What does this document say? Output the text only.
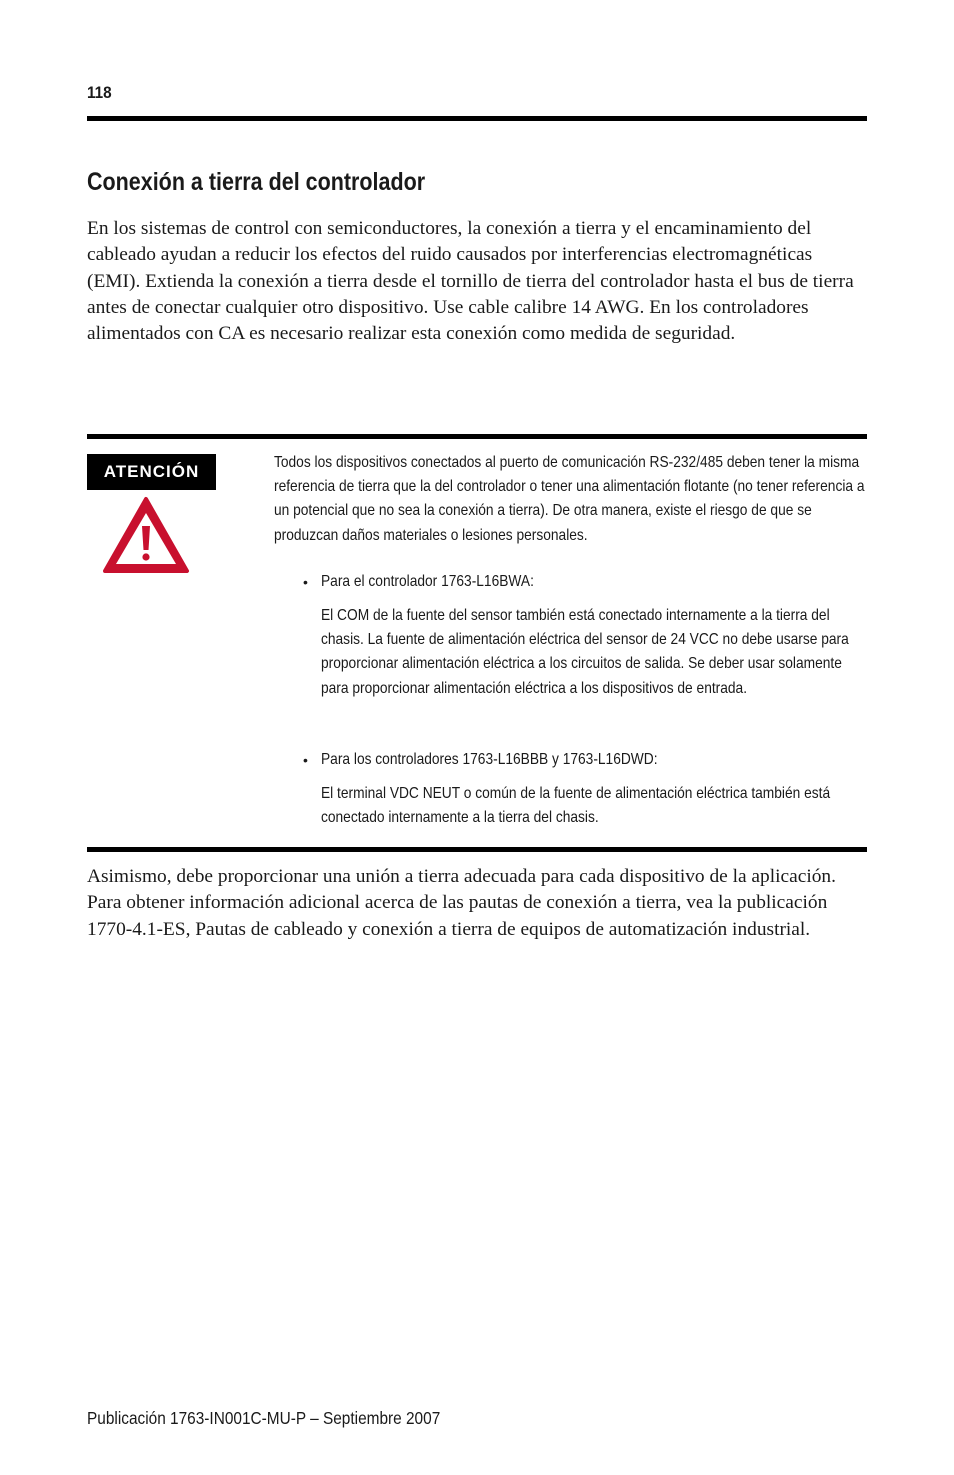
118
Conexión a tierra del controlador

En los sistemas de control con semiconductores, la conexión a tierra y el encaminamiento del cableado ayudan a reducir los efectos del ruido causados por interferencias electromagnéticas (EMI). Extienda la conexión a tierra desde el tornillo de tierra del controlador hasta el bus de tierra antes de conectar cualquier otro dispositivo. Use cable calibre 14 AWG. En los controladores alimentados con CA es necesario realizar esta conexión como medida de seguridad.

ATENCIÓN	Todos los dispositivos conectados al puerto de comunicación RS-232/485 deben tener la misma referencia de tierra que la del controlador o tener una alimentación flotante (no tener referencia a un potencial que no sea la conexión a tierra). De otra manera, existe el riesgo de que se produzcan daños materiales o lesiones personales.

• Para el controlador 1763-L16BWA:

El COM de la fuente del sensor también está conectado internamente a la tierra del chasis. La fuente de alimentación eléctrica del sensor de 24 VCC no debe usarse para proporcionar alimentación eléctrica a los circuitos de salida. Se deber usar solamente para proporcionar alimentación eléctrica a los dispositivos de entrada.

• Para los controladores 1763-L16BBB y 1763-L16DWD:

El terminal VDC NEUT o común de la fuente de alimentación eléctrica también está conectado internamente a la tierra del chasis.

Asimismo, debe proporcionar una unión a tierra adecuada para cada dispositivo de la aplicación. Para obtener información adicional acerca de las pautas de conexión a tierra, vea la publicación 1770-4.1-ES, Pautas de cableado y conexión a tierra de equipos de automatización industrial.

Publicación 1763-IN001C-MU-P – Septiembre 2007
